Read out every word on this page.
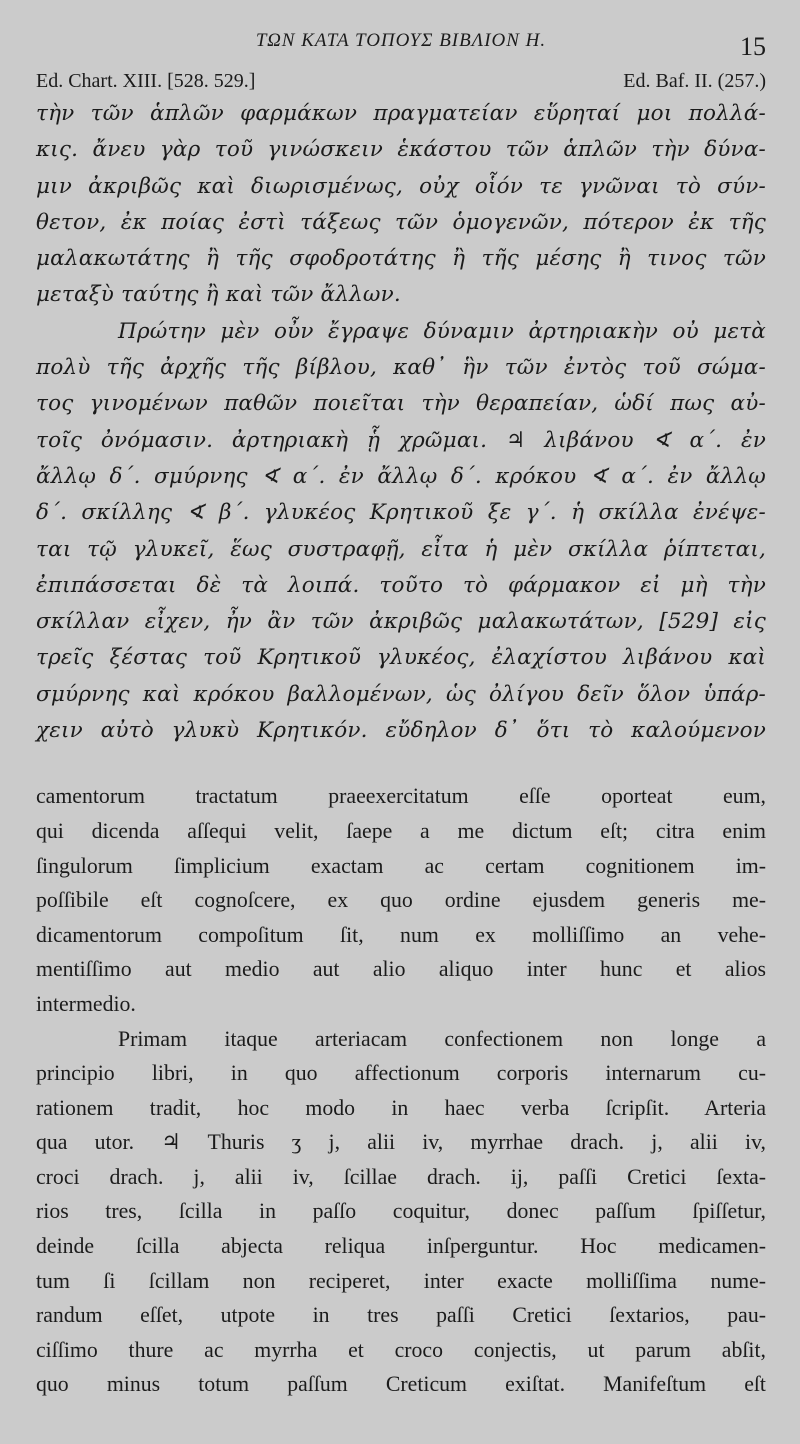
ΤΩΝ ΚΑΤΑ ΤΟΠΟΥΣ ΒΙΒΛΙΟΝ Η.	15
Ed. Chart. XIII. [528. 529.]	Ed. Baf. II. (257.)

τὴν τῶν ἁπλῶν φαρμάκων πραγματείαν εὕρηταί μοι πολλά-
κις. ἄνευ γὰρ τοῦ γινώσκειν ἑκάστου τῶν ἁπλῶν τὴν δύνα-
μιν ἀκριβῶς καὶ διωρισμένως, οὐχ οἷόν τε γνῶναι τὸ σύν-
θετον, ἐκ ποίας ἐστὶ τάξεως τῶν ὁμογενῶν, πότερον ἐκ τῆς
μαλακωτάτης ἢ τῆς σφοδροτάτης ἢ τῆς μέσης ἢ τινος τῶν
μεταξὺ ταύτης ἢ καὶ τῶν ἄλλων.

Πρώτην μὲν οὖν ἔγραψε δύναμιν ἀρτηριακὴν οὐ μετὰ
πολὺ τῆς ἀρχῆς τῆς βίβλου, καθ᾽ ἣν τῶν ἐντὸς τοῦ σώμα-
τος γινομένων παθῶν ποιεῖται τὴν θεραπείαν, ὡδί πως αὐ-
τοῖς ὀνόμασιν. ἀρτηριακὴ ᾗ χρῶμαι. ♃ λιβάνου ∢ α΄. ἐν
ἄλλῳ δ΄. σμύρνης ∢ α΄. ἐν ἄλλῳ δ΄. κρόκου ∢ α΄. ἐν ἄλλῳ
δ΄. σκίλλης ∢ β΄. γλυκέος Κρητικοῦ ξε γ΄. ἡ σκίλλα ἐνέψε-
ται τῷ γλυκεῖ, ἕως συστραφῇ, εἶτα ἡ μὲν σκίλλα ῥίπτεται,
ἐπιπάσσεται δὲ τὰ λοιπά. τοῦτο τὸ φάρμακον εἰ μὴ τὴν
σκίλλαν εἶχεν, ἦν ἂν τῶν ἀκριβῶς μαλακωτάτων, [529] εἰς
τρεῖς ξέστας τοῦ Κρητικοῦ γλυκέος, ἐλαχίστου λιβάνου καὶ
σμύρνης καὶ κρόκου βαλλομένων, ὡς ὀλίγου δεῖν ὅλον ὑπάρ-
χειν αὐτὸ γλυκὺ Κρητικόν. εὔδηλον δ᾽ ὅτι τὸ καλούμενον

camentorum tractatum praeexercitatum eſſe oporteat eum,
qui dicenda aſſequi velit, ſaepe a me dictum eſt; citra enim
ſingulorum ſimplicium exactam ac certam cognitionem im-
poſſibile eſt cognoſcere, ex quo ordine ejusdem generis me-
dicamentorum compoſitum ſit, num ex molliſſimo an vehe-
mentiſſimo aut medio aut alio aliquo inter hunc et alios
intermedio.

Primam itaque arteriacam confectionem non longe a
principio libri, in quo affectionum corporis internarum cu-
rationem tradit, hoc modo in haec verba ſcripſit. Arteria
qua utor. ♃ Thuris ʒ j, alii iv, myrrhae drach. j, alii iv,
croci drach. j, alii iv, ſcillae drach. ij, paſſi Cretici ſexta-
rios tres, ſcilla in paſſo coquitur, donec paſſum ſpiſſetur,
deinde ſcilla abjecta reliqua inſperguntur. Hoc medicamen-
tum ſi ſcillam non reciperet, inter exacte molliſſima nume-
randum eſſet, utpote in tres paſſi Cretici ſextarios, pau-
ciſſimo thure ac myrrha et croco conjectis, ut parum abſit,
quo minus totum paſſum Creticum exiſtat. Manifeſtum eſt
